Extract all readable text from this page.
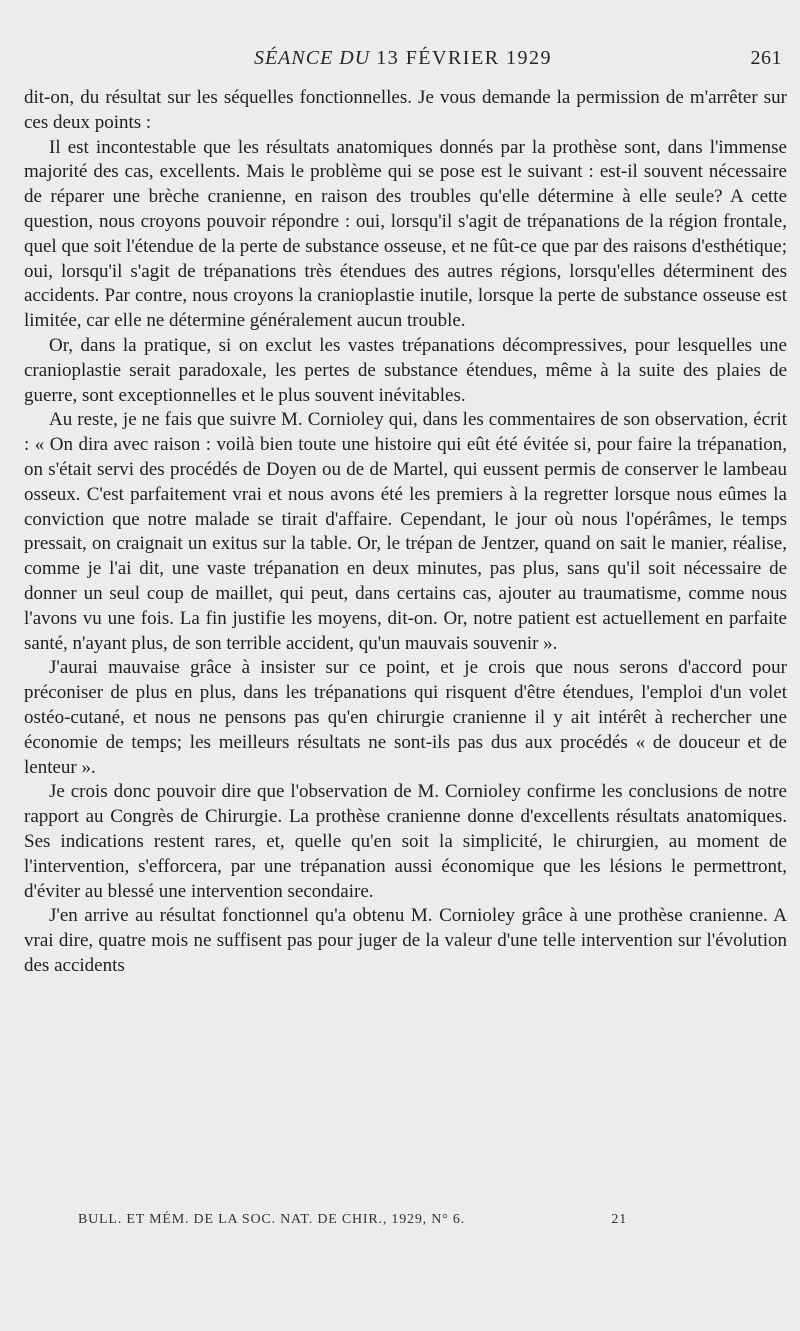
SÉANCE DU 13 FÉVRIER 1929	261

dit-on, du résultat sur les séquelles fonctionnelles. Je vous demande la permission de m'arrêter sur ces deux points :

Il est incontestable que les résultats anatomiques donnés par la prothèse sont, dans l'immense majorité des cas, excellents. Mais le problème qui se pose est le suivant : est-il souvent nécessaire de réparer une brèche cranienne, en raison des troubles qu'elle détermine à elle seule? A cette question, nous croyons pouvoir répondre : oui, lorsqu'il s'agit de trépanations de la région frontale, quel que soit l'étendue de la perte de substance osseuse, et ne fût-ce que par des raisons d'esthétique; oui, lorsqu'il s'agit de trépanations très étendues des autres régions, lorsqu'elles déterminent des accidents. Par contre, nous croyons la cranioplastie inutile, lorsque la perte de substance osseuse est limitée, car elle ne détermine généralement aucun trouble.

Or, dans la pratique, si on exclut les vastes trépanations décompressives, pour lesquelles une cranioplastie serait paradoxale, les pertes de substance étendues, même à la suite des plaies de guerre, sont exceptionnelles et le plus souvent inévitables.

Au reste, je ne fais que suivre M. Cornioley qui, dans les commentaires de son observation, écrit : « On dira avec raison : voilà bien toute une histoire qui eût été évitée si, pour faire la trépanation, on s'était servi des procédés de Doyen ou de de Martel, qui eussent permis de conserver le lambeau osseux. C'est parfaitement vrai et nous avons été les premiers à la regretter lorsque nous eûmes la conviction que notre malade se tirait d'affaire. Cependant, le jour où nous l'opérâmes, le temps pressait, on craignait un exitus sur la table. Or, le trépan de Jentzer, quand on sait le manier, réalise, comme je l'ai dit, une vaste trépanation en deux minutes, pas plus, sans qu'il soit nécessaire de donner un seul coup de maillet, qui peut, dans certains cas, ajouter au traumatisme, comme nous l'avons vu une fois. La fin justifie les moyens, dit-on. Or, notre patient est actuellement en parfaite santé, n'ayant plus, de son terrible accident, qu'un mauvais souvenir ».

J'aurai mauvaise grâce à insister sur ce point, et je crois que nous serons d'accord pour préconiser de plus en plus, dans les trépanations qui risquent d'être étendues, l'emploi d'un volet ostéo-cutané, et nous ne pensons pas qu'en chirurgie cranienne il y ait intérêt à rechercher une économie de temps; les meilleurs résultats ne sont-ils pas dus aux procédés « de douceur et de lenteur ».

Je crois donc pouvoir dire que l'observation de M. Cornioley confirme les conclusions de notre rapport au Congrès de Chirurgie. La prothèse cranienne donne d'excellents résultats anatomiques. Ses indications restent rares, et, quelle qu'en soit la simplicité, le chirurgien, au moment de l'intervention, s'efforcera, par une trépanation aussi économique que les lésions le permettront, d'éviter au blessé une intervention secondaire.

J'en arrive au résultat fonctionnel qu'a obtenu M. Cornioley grâce à une prothèse cranienne. A vrai dire, quatre mois ne suffisent pas pour juger de la valeur d'une telle intervention sur l'évolution des accidents

BULL. ET MÉM. DE LA SOC. NAT. DE CHIR., 1929, N° 6.	21
